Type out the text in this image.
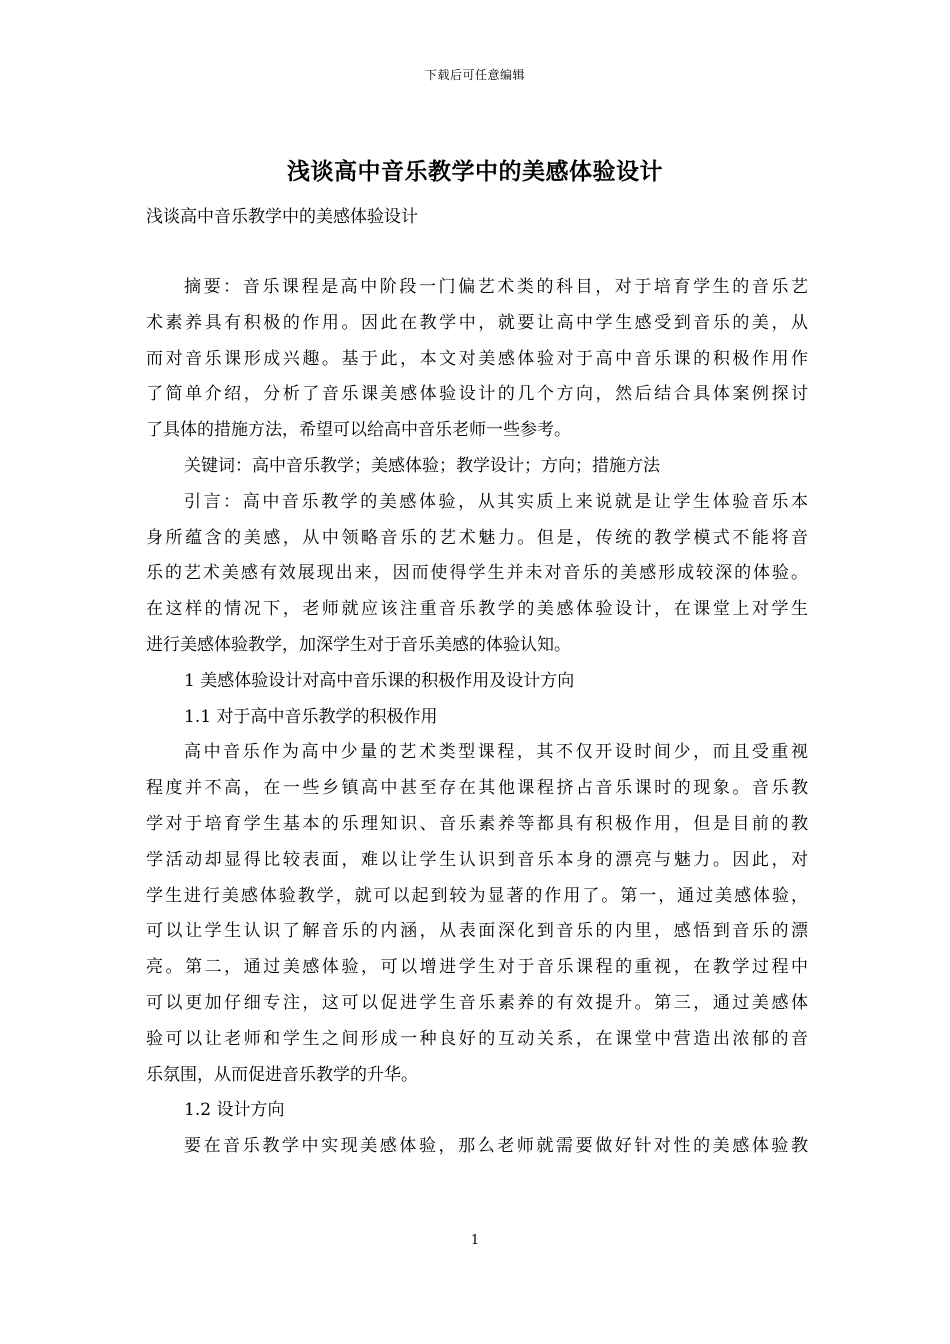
下载后可任意编辑
浅谈高中音乐教学中的美感体验设计
浅谈高中音乐教学中的美感体验设计
摘要：音乐课程是高中阶段一门偏艺术类的科目，对于培育学生的音乐艺
术素养具有积极的作用。因此在教学中，就要让高中学生感受到音乐的美，从
而对音乐课形成兴趣。基于此，本文对美感体验对于高中音乐课的积极作用作
了简单介绍，分析了音乐课美感体验设计的几个方向，然后结合具体案例探讨
了具体的措施方法，希望可以给高中音乐老师一些参考。
关键词：高中音乐教学；美感体验；教学设计；方向；措施方法
引言：高中音乐教学的美感体验，从其实质上来说就是让学生体验音乐本
身所蕴含的美感，从中领略音乐的艺术魅力。但是，传统的教学模式不能将音
乐的艺术美感有效展现出来，因而使得学生并未对音乐的美感形成较深的体验。
在这样的情况下，老师就应该注重音乐教学的美感体验设计，在课堂上对学生
进行美感体验教学，加深学生对于音乐美感的体验认知。
1 美感体验设计对高中音乐课的积极作用及设计方向
1.1 对于高中音乐教学的积极作用
高中音乐作为高中少量的艺术类型课程，其不仅开设时间少，而且受重视
程度并不高，在一些乡镇高中甚至存在其他课程挤占音乐课时的现象。音乐教
学对于培育学生基本的乐理知识、音乐素养等都具有积极作用，但是目前的教
学活动却显得比较表面，难以让学生认识到音乐本身的漂亮与魅力。因此，对
学生进行美感体验教学，就可以起到较为显著的作用了。第一，通过美感体验，
可以让学生认识了解音乐的内涵，从表面深化到音乐的内里，感悟到音乐的漂
亮。第二，通过美感体验，可以增进学生对于音乐课程的重视，在教学过程中
可以更加仔细专注，这可以促进学生音乐素养的有效提升。第三，通过美感体
验可以让老师和学生之间形成一种良好的互动关系，在课堂中营造出浓郁的音
乐氛围，从而促进音乐教学的升华。
1.2 设计方向
要在音乐教学中实现美感体验，那么老师就需要做好针对性的美感体验教
1
